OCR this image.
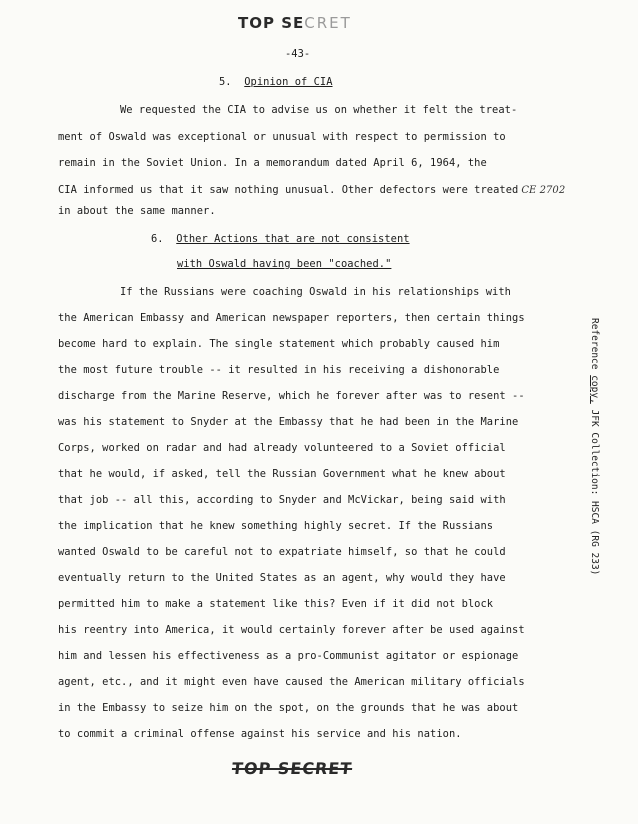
TOP SECRET
-43-
5. Opinion of CIA
We requested the CIA to advise us on whether it felt the treat-
ment of Oswald was exceptional or unusual with respect to permission to
remain in the Soviet Union. In a memorandum dated April 6, 1964, the
CIA informed us that it saw nothing unusual. Other defectors were treated CE 2702
in about the same manner.
6. Other Actions that are not consistent
with Oswald having been "coached."
If the Russians were coaching Oswald in his relationships with
the American Embassy and American newspaper reporters, then certain things
become hard to explain. The single statement which probably caused him
the most future trouble -- it resulted in his receiving a dishonorable
discharge from the Marine Reserve, which he forever after was to resent --
was his statement to Snyder at the Embassy that he had been in the Marine
Corps, worked on radar and had already volunteered to a Soviet official
that he would, if asked, tell the Russian Government what he knew about
that job -- all this, according to Snyder and McVickar, being said with
the implication that he knew something highly secret. If the Russians
wanted Oswald to be careful not to expatriate himself, so that he could
eventually return to the United States as an agent, why would they have
permitted him to make a statement like this? Even if it did not block
his reentry into America, it would certainly forever after be used against
him and lessen his effectiveness as a pro-Communist agitator or espionage
agent, etc., and it might even have caused the American military officials
in the Embassy to seize him on the spot, on the grounds that he was about
to commit a criminal offense against his service and his nation.
TOP SECRET
Reference copy, JFK Collection: HSCA (RG 233)
